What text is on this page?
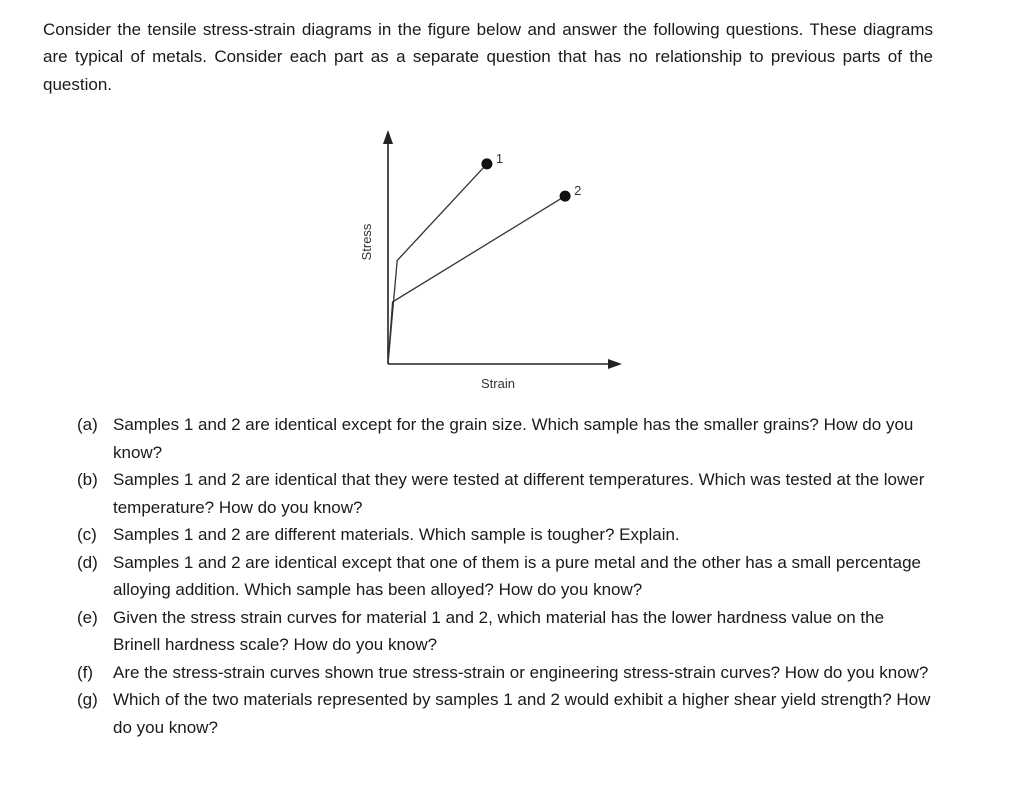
Consider the tensile stress-strain diagrams in the figure below and answer the following questions. These diagrams are typical of metals. Consider each part as a separate question that has no relationship to previous parts of the question.

Stress
Strain
1
2
(a) Samples 1 and 2 are identical except for the grain size. Which sample has the smaller grains? How do you know?
(b) Samples 1 and 2 are identical that they were tested at different temperatures. Which was tested at the lower temperature? How do you know?
(c) Samples 1 and 2 are different materials. Which sample is tougher? Explain.
(d) Samples 1 and 2 are identical except that one of them is a pure metal and the other has a small percentage alloying addition. Which sample has been alloyed? How do you know?
(e) Given the stress strain curves for material 1 and 2, which material has the lower hardness value on the Brinell hardness scale? How do you know?
(f) Are the stress-strain curves shown true stress-strain or engineering stress-strain curves? How do you know?
(g) Which of the two materials represented by samples 1 and 2 would exhibit a higher shear yield strength? How do you know?
